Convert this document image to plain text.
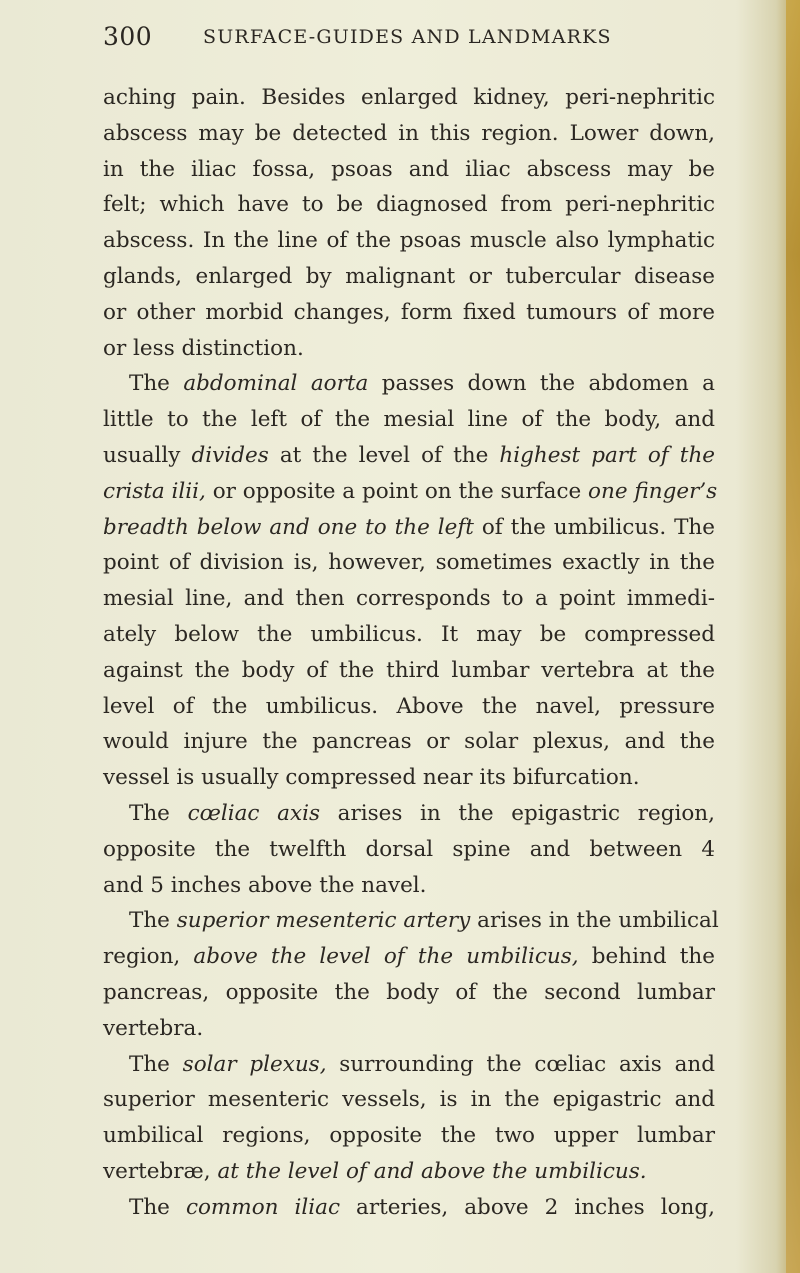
300	SURFACE-GUIDES AND LANDMARKS
aching pain. Besides enlarged kidney, peri-nephritic
abscess may be detected in this region. Lower down,
in the iliac fossa, psoas and iliac abscess may be
felt; which have to be diagnosed from peri-nephritic
abscess. In the line of the psoas muscle also lymphatic
glands, enlarged by malignant or tubercular disease
or other morbid changes, form fixed tumours of more
or less distinction.
The abdominal aorta passes down the abdomen a
little to the left of the mesial line of the body, and
usually divides at the level of the highest part of the
crista ilii, or opposite a point on the surface one finger’s
breadth below and one to the left of the umbilicus. The
point of division is, however, sometimes exactly in the
mesial line, and then corresponds to a point immedi-
ately below the umbilicus. It may be compressed
against the body of the third lumbar vertebra at the
level of the umbilicus. Above the navel, pressure
would injure the pancreas or solar plexus, and the
vessel is usually compressed near its bifurcation.
The cœliac axis arises in the epigastric region,
opposite the twelfth dorsal spine and between 4
and 5 inches above the navel.
The superior mesenteric artery arises in the umbilical
region, above the level of the umbilicus, behind the
pancreas, opposite the body of the second lumbar
vertebra.
The solar plexus, surrounding the cœliac axis and
superior mesenteric vessels, is in the epigastric and
umbilical regions, opposite the two upper lumbar
vertebræ, at the level of and above the umbilicus.
The common iliac arteries, above 2 inches long,
